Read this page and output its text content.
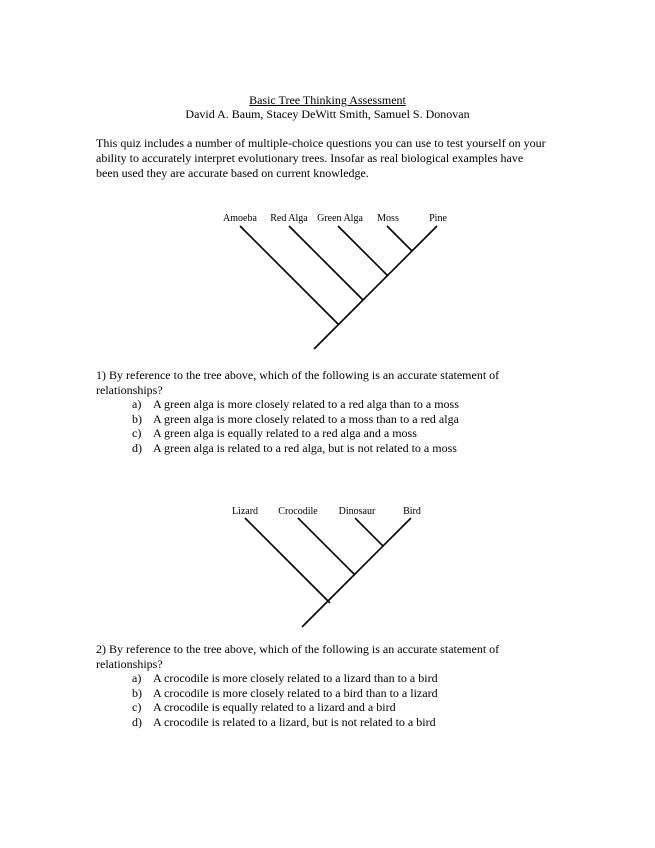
Basic Tree Thinking Assessment
David A. Baum, Stacey DeWitt Smith, Samuel S. Donovan
This quiz includes a number of multiple-choice questions you can use to test yourself on your
ability to accurately interpret evolutionary trees. Insofar as real biological examples have
been used they are accurate based on current knowledge.
Amoeba Red Alga Green Alga Moss	Pine
Lizard Crocodile Dinosaur	Bird
1) By reference to the tree above, which of the following is an accurate statement of
relationships?
a) A green alga is more closely related to a red alga than to a moss
b) A green alga is more closely related to a moss than to a red alga
c) A green alga is equally related to a red alga and a moss
d) A green alga is related to a red alga, but is not related to a moss
2) By reference to the tree above, which of the following is an accurate statement of
relationships?
a) A crocodile is more closely related to a lizard than to a bird
b) A crocodile is more closely related to a bird than to a lizard
c) A crocodile is equally related to a lizard and a bird
d) A crocodile is related to a lizard, but is not related to a bird
